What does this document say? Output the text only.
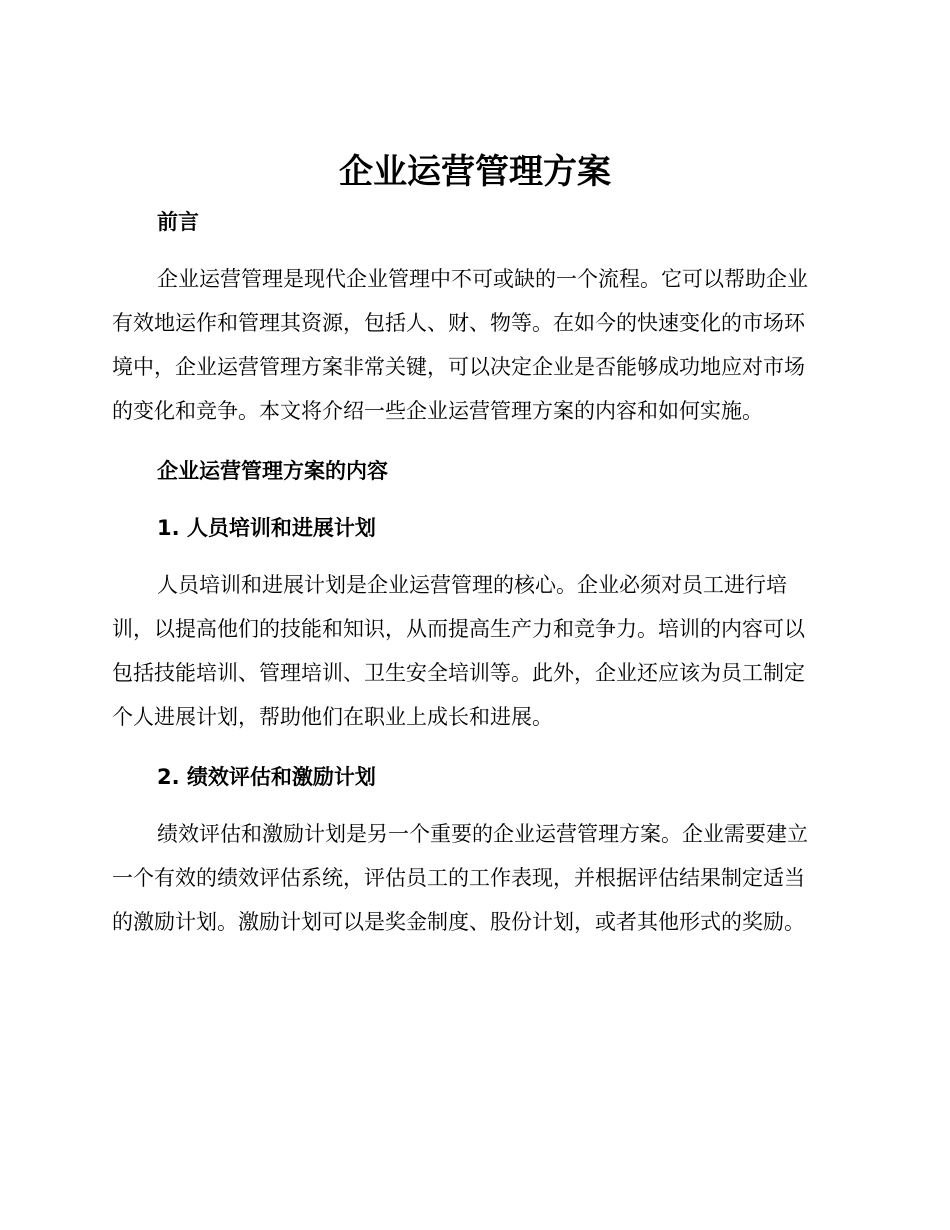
企业运营管理方案
前言
企业运营管理是现代企业管理中不可或缺的一个流程。它可以帮助企业
有效地运作和管理其资源，包括人、财、物等。在如今的快速变化的市场环
境中，企业运营管理方案非常关键，可以决定企业是否能够成功地应对市场
的变化和竞争。本文将介绍一些企业运营管理方案的内容和如何实施。
企业运营管理方案的内容
1. 人员培训和进展计划
人员培训和进展计划是企业运营管理的核心。企业必须对员工进行培
训，以提高他们的技能和知识，从而提高生产力和竞争力。培训的内容可以
包括技能培训、管理培训、卫生安全培训等。此外，企业还应该为员工制定
个人进展计划，帮助他们在职业上成长和进展。
2. 绩效评估和激励计划
绩效评估和激励计划是另一个重要的企业运营管理方案。企业需要建立
一个有效的绩效评估系统，评估员工的工作表现，并根据评估结果制定适当
的激励计划。激励计划可以是奖金制度、股份计划，或者其他形式的奖励。
